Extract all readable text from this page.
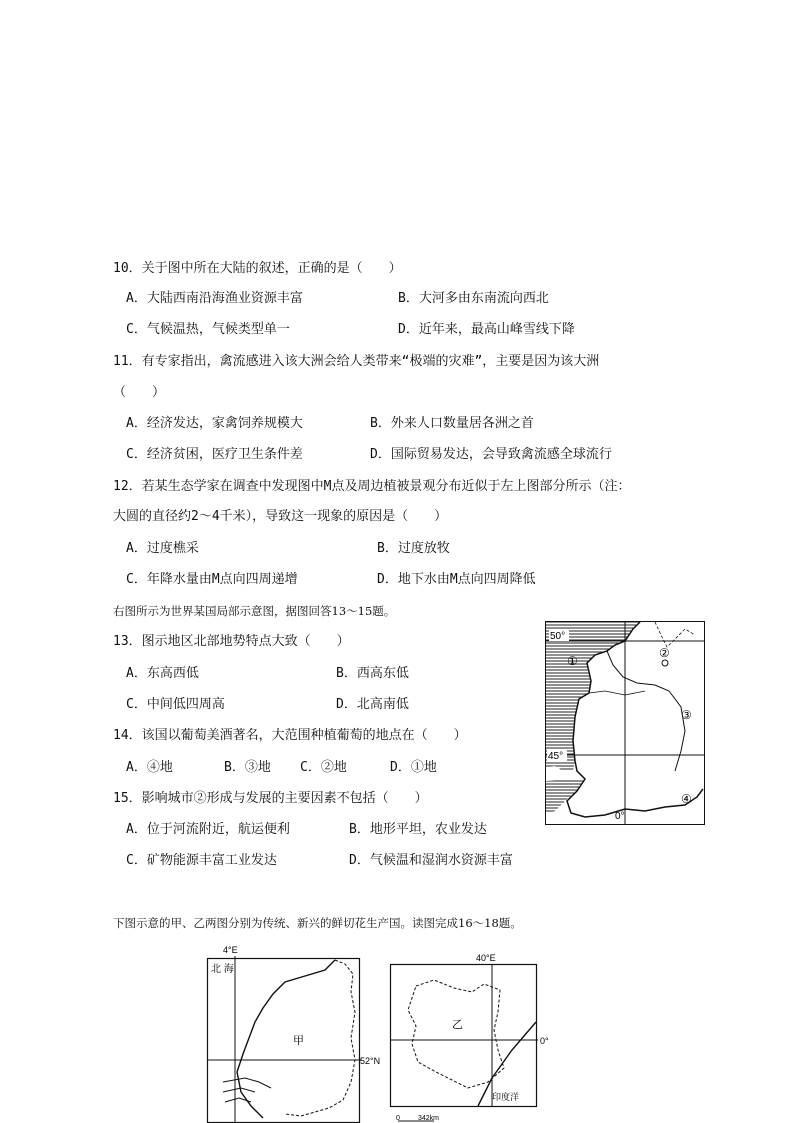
10．关于图中所在大陆的叙述，正确的是（　　）
A．大陆西南沿海渔业资源丰富	B．大河多由东南流向西北
C．气候温热，气候类型单一	D．近年来，最高山峰雪线下降
11．有专家指出，禽流感进入该大洲会给人类带来“极端的灾难”，主要是因为该大洲
（　　）
A．经济发达，家禽饲养规模大	B．外来人口数量居各洲之首
C．经济贫困，医疗卫生条件差	D．国际贸易发达，会导致禽流感全球流行
12．若某生态学家在调查中发现图中M点及周边植被景观分布近似于左上图部分所示（注：
大圆的直径约2～4千米），导致这一现象的原因是（　　）
A．过度樵采	B．过度放牧
C．年降水量由M点向四周递增	D．地下水由M点向四周降低
右图所示为世界某国局部示意图，据图回答13～15题。
13．图示地区北部地势特点大致（　　）
A．东高西低	B．西高东低
C．中间低四周高	D．北高南低
14．该国以葡萄美酒著名，大范围种植葡萄的地点在（　　）
A．④地	B．③地 C．②地	D．①地
15．影响城市②形成与发展的主要因素不包括（　　）
A．位于河流附近，航运便利	B．地形平坦，农业发达
C．矿物能源丰富工业发达	D．气候温和湿润水资源丰富
下图示意的甲、乙两图分别为传统、新兴的鲜切花生产国。读图完成16～18题。
50°
45°
0°
①
②
③
④
4°E
北 海
甲
52°N
40°E
乙
0°
印度洋
0	342km
